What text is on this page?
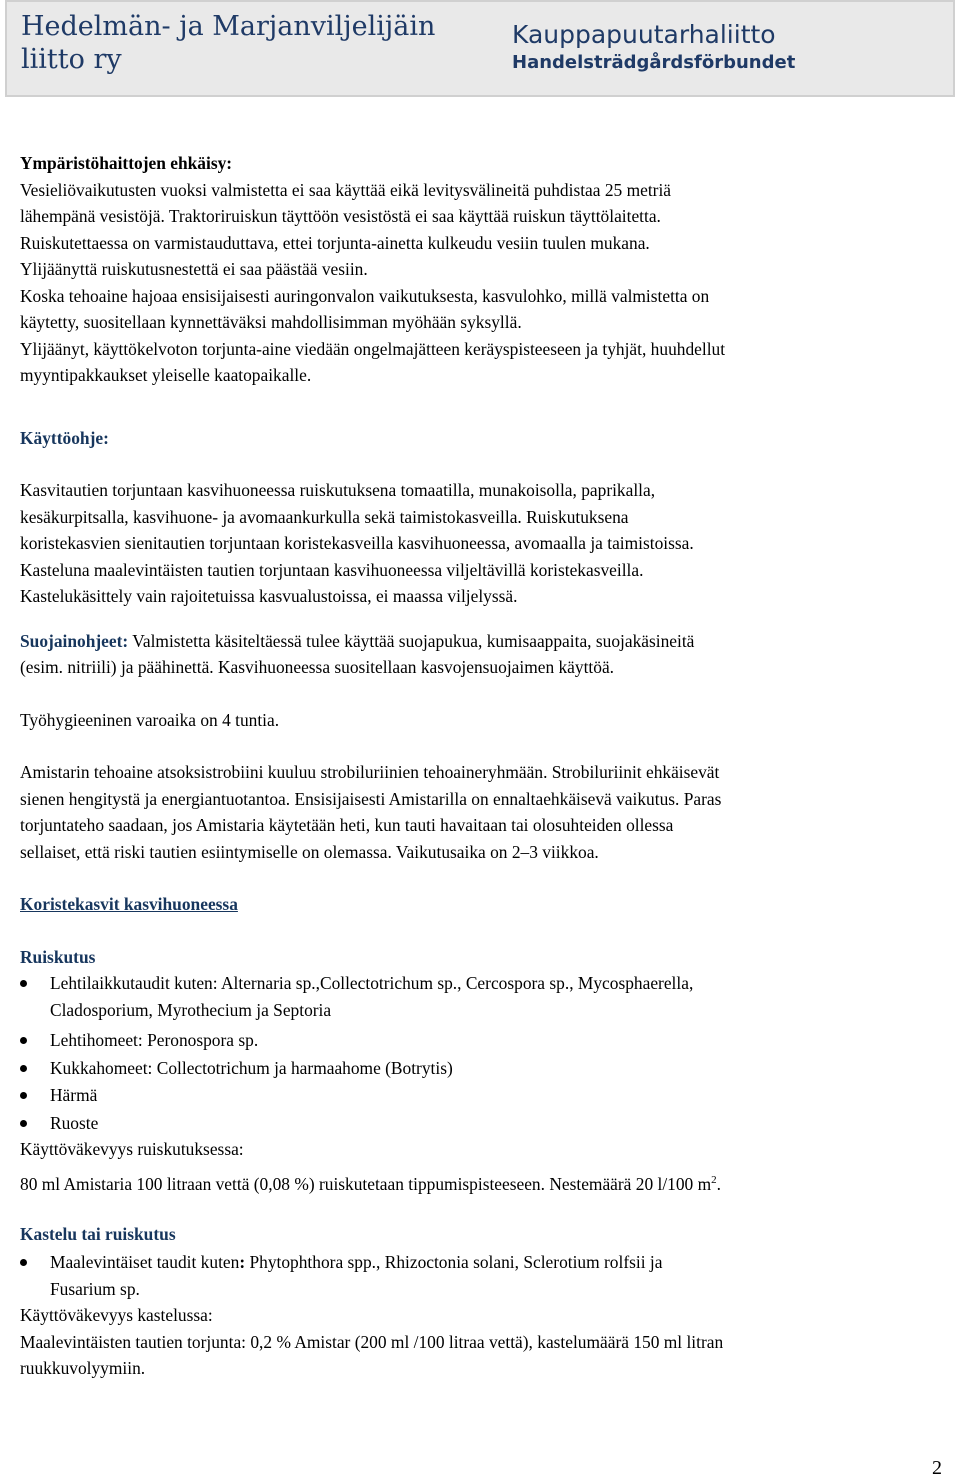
Hedelmän- ja Marjanviljelijäin
liitto ry
Kauppapuutarhaliitto
Handelsträdgårdsförbundet

Ympäristöhaittojen ehkäisy:

Vesieliövaikutusten vuoksi valmistetta ei saa käyttää eikä levitysvälineitä puhdistaa 25 metriä

lähempänä vesistöjä. Traktoriruiskun täyttöön vesistöstä ei saa käyttää ruiskun täyttölaitetta.

Ruiskutettaessa on varmistauduttava, ettei torjunta-ainetta kulkeudu vesiin tuulen mukana.

Ylijäänyttä ruiskutusnestettä ei saa päästää vesiin.

Koska tehoaine hajoaa ensisijaisesti auringonvalon vaikutuksesta, kasvulohko, millä valmistetta on

käytetty, suositellaan kynnettäväksi mahdollisimman myöhään syksyllä.

Ylijäänyt, käyttökelvoton torjunta-aine viedään ongelmajätteen keräyspisteeseen ja tyhjät, huuhdellut

myyntipakkaukset yleiselle kaatopaikalle.

Käyttöohje:

Kasvitautien torjuntaan kasvihuoneessa ruiskutuksena tomaatilla, munakoisolla, paprikalla,

kesäkurpitsalla, kasvihuone- ja avomaankurkulla sekä taimistokasveilla. Ruiskutuksena

koristekasvien sienitautien torjuntaan koristekasveilla kasvihuoneessa, avomaalla ja taimistoissa.

Kasteluna maalevintäisten tautien torjuntaan kasvihuoneessa viljeltävillä koristekasveilla.

Kastelukäsittely vain rajoitetuissa kasvualustoissa, ei maassa viljelyssä.

Suojainohjeet: Valmistetta käsiteltäessä tulee käyttää suojapukua, kumisaappaita, suojakäsineitä

(esim. nitriili) ja päähinettä. Kasvihuoneessa suositellaan kasvojensuojaimen käyttöä.

Työhygieeninen varoaika on 4 tuntia.

Amistarin tehoaine atsoksistrobiini kuuluu strobiluriinien tehoaineryhmään. Strobiluriinit ehkäisevät

sienen hengitystä ja energiantuotantoa. Ensisijaisesti Amistarilla on ennaltaehkäisevä vaikutus. Paras

torjuntateho saadaan, jos Amistaria käytetään heti, kun tauti havaitaan tai olosuhteiden ollessa

sellaiset, että riski tautien esiintymiselle on olemassa. Vaikutusaika on 2–3 viikkoa.

Koristekasvit kasvihuoneessa

Ruiskutus

Lehtilaikkutaudit kuten: Alternaria sp.,Collectotrichum sp., Cercospora sp., Mycosphaerella,
Cladosporium, Myrothecium ja Septoria
Lehtihomeet: Peronospora sp.
Kukkahomeet: Collectotrichum ja harmaahome (Botrytis)
Härmä
Ruoste

Käyttöväkevyys ruiskutuksessa:

80 ml Amistaria 100 litraan vettä (0,08 %) ruiskutetaan tippumispisteeseen. Nestemäärä 20 l/100 $m^2$.

Kastelu tai ruiskutus

Maalevintäiset taudit kuten: Phytophthora spp., Rhizoctonia solani, Sclerotium rolfsii ja
Fusarium sp.

Käyttöväkevyys kastelussa:

Maalevintäisten tautien torjunta: 0,2 % Amistar (200 ml /100 litraa vettä), kastelumäärä 150 ml litran

ruukkuvolyymiin.

2
